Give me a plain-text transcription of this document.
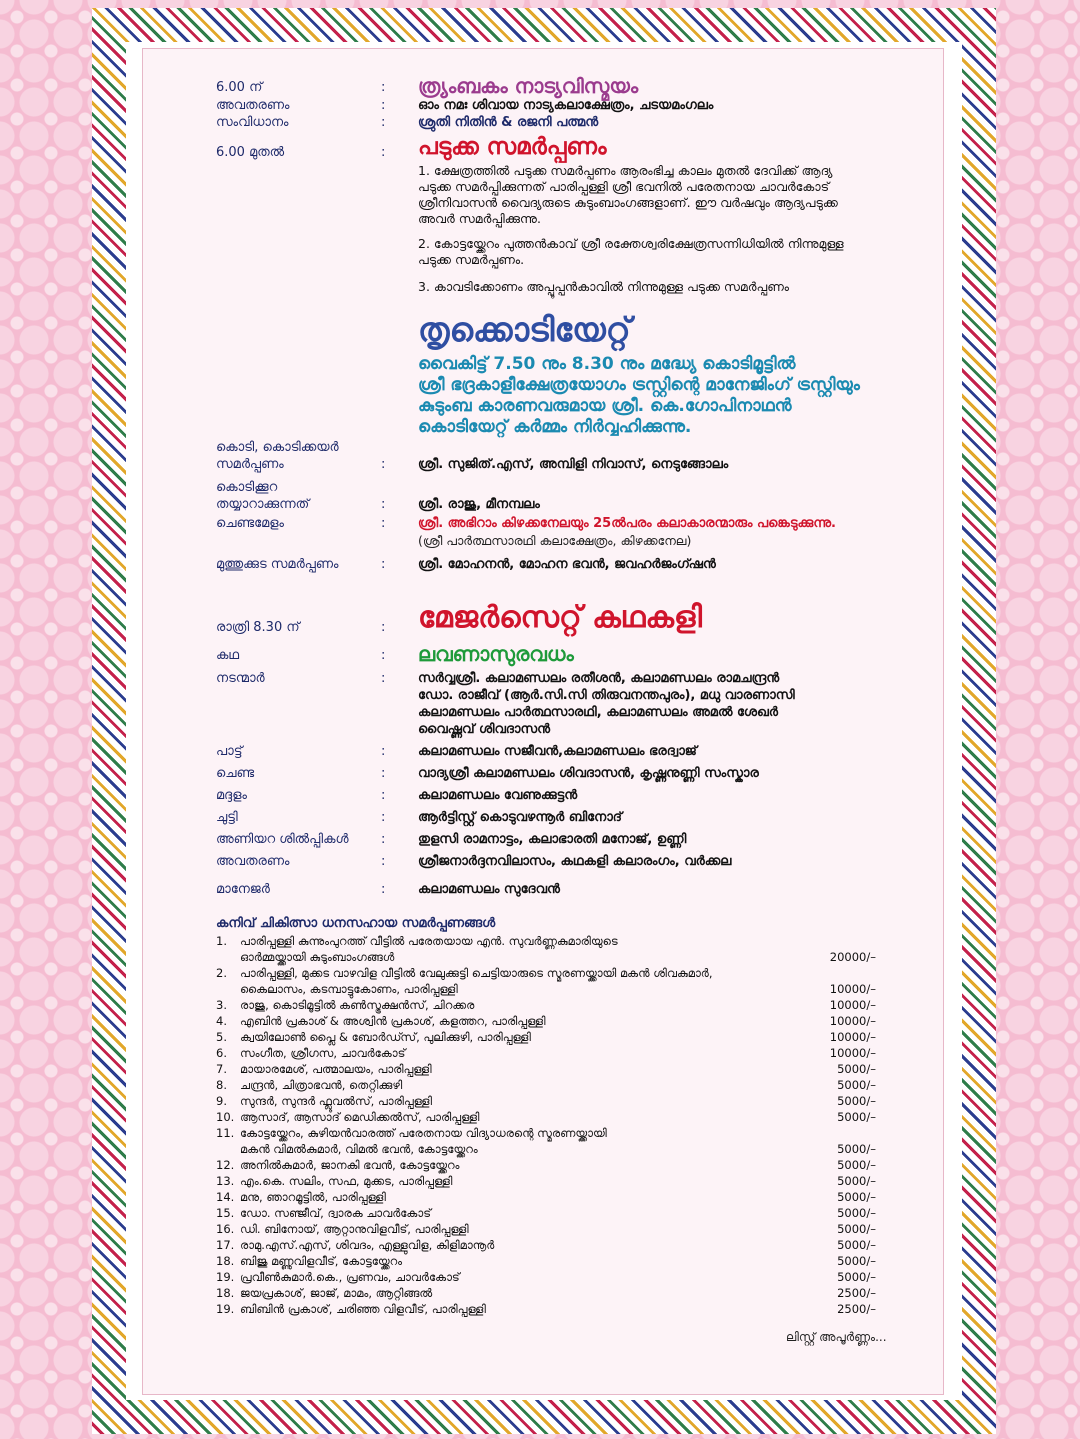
6.00 ന്	: ത്ര്യംബകം നാട്യവിസ്മയം
അവതരണം	:	ഓം നമഃ ശിവായ നാട്യകലാക്ഷേത്രം, ചടയമംഗലം
സംവിധാനം	:	ശ്രുതി നിതിൻ & രജനി പത്മൻ
6.00 മുതൽ	: പടുക്ക സമർപ്പണം
1. ക്ഷേത്രത്തിൽ പടുക്ക സമർപ്പണം ആരംഭിച്ച കാലം മുതൽ ദേവിക്ക് ആദ്യ പടുക്ക സമർപ്പിക്കുന്നത് പാരിപ്പള്ളി ശ്രീ ഭവനിൽ പരേതനായ ചാവർകോട് ശ്രീനിവാസൻ വൈദ്യരുടെ കുടുംബാംഗങ്ങളാണ്. ഈ വർഷവും ആദ്യപടുക്ക അവർ സമർപ്പിക്കുന്നു.
2. കോട്ടയ്ക്കേറം പുത്തൻകാവ് ശ്രീ രക്തേശ്വരിക്ഷേത്രസന്നിധിയിൽ നിന്നുമുള്ള പടുക്ക സമർപ്പണം.
3. കാവടിക്കോണം അപ്പൂപ്പൻകാവിൽ നിന്നുമുള്ള പടുക്ക സമർപ്പണം
തൃക്കൊടിയേറ്റ്
വൈകിട്ട് 7.50 നും 8.30 നും മദ്ധ്യേ കൊടിമൂട്ടിൽ
ശ്രീ ഭദ്രകാളീക്ഷേത്രയോഗം ട്രസ്റ്റിന്റെ മാനേജിംഗ് ട്രസ്റ്റിയും
കുടുംബ കാരണവരുമായ ശ്രീ. കെ.ഗോപിനാഥൻ
കൊടിയേറ്റ് കർമ്മം നിർവ്വഹിക്കുന്നു.
കൊടി, കൊടിക്കയർ
സമർപ്പണം	:	ശ്രീ. സുജിത്.എസ്, അമ്പിളി നിവാസ്, നെടുങ്ങോലം
കൊടിക്കൂറ
തയ്യാറാക്കുന്നത്	:	ശ്രീ. രാജു, മീനമ്പലം
ചെണ്ടമേളം	:	ശ്രീ. അഭിറാം കിഴക്കനേലയും 25ൽപരം കലാകാരന്മാരും പങ്കെടുക്കുന്നു.
(ശ്രീ പാർത്ഥസാരഥി കലാക്ഷേത്രം, കിഴക്കനേല)
മുത്തുക്കുട സമർപ്പണം	:	ശ്രീ. മോഹനൻ, മോഹന ഭവൻ, ജവഹർജംഗ്ഷൻ
രാത്രി 8.30 ന്	: മേജർസെറ്റ് കഥകളി
കഥ	: ലവണാസുരവധം
നടന്മാർ	:	സർവ്വശ്രീ. കലാമണ്ഡലം രതീശൻ, കലാമണ്ഡലം രാമചന്ദ്രൻ
ഡോ. രാജീവ് (ആർ.സി.സി തിരുവനന്തപുരം), മധു വാരണാസി
കലാമണ്ഡലം പാർത്ഥസാരഥി, കലാമണ്ഡലം അമൽ ശേഖർ
വൈഷ്ണവ് ശിവദാസൻ
പാട്ട്	:	കലാമണ്ഡലം സജീവൻ,കലാമണ്ഡലം ഭരദ്വാജ്
ചെണ്ട	:	വാദ്യശ്രീ കലാമണ്ഡലം ശിവദാസൻ, കൃഷ്ണനുണ്ണി സംസ്കാര
മദ്ദളം	:	കലാമണ്ഡലം വേണുക്കുട്ടൻ
ചുട്ടി	:	ആർട്ടിസ്റ്റ് കൊടുവഴന്നൂർ ബിനോദ്
അണിയറ ശിൽപ്പികൾ :	തുളസി രാമനാട്ടം, കലാഭാരതി മനോജ്, ഉണ്ണി
അവതരണം	:	ശ്രീജനാർദ്ദനവിലാസം, കഥകളി കലാരംഗം, വർക്കല
മാനേജർ	:	കലാമണ്ഡലം സുദേവൻ
കനിവ് ചികിത്സാ ധനസഹായ സമർപ്പണങ്ങൾ
1.	പാരിപ്പള്ളി കുന്നുംപുറത്ത് വീട്ടിൽ പരേതയായ എൻ. സുവർണ്ണകുമാരിയുടെ
ഓർമ്മയ്ക്കായി കുടുംബാംഗങ്ങൾ	20000/–
2.	പാരിപ്പള്ളി, മുക്കട വാഴവിള വീട്ടിൽ വേലുക്കുട്ടി ചെട്ടിയാരുടെ സ്മരണയ്ക്കായി മകൻ ശിവകുമാർ,
കൈലാസം, കടമ്പാട്ടുകോണം, പാരിപ്പള്ളി	10000/–
3.	രാജു, കൊടിമൂട്ടിൽ കൺസ്ട്രക്ഷൻസ്, ചിറക്കര	10000/–
4.	എബിൻ പ്രകാശ് & അശ്വിൻ പ്രകാശ്, കളത്തറ, പാരിപ്പള്ളി	10000/–
5.	ക്വയിലോൺ പ്ലൈ & ബോർഡ്സ്, പുലിക്കുഴി, പാരിപ്പള്ളി	10000/–
6.	സംഗീത, ശ്രീഗസ, ചാവർകോട്	10000/–
7.	മായാരമേശ്, പത്മാലയം, പാരിപ്പള്ളി	5000/–
8.	ചന്ദ്രൻ, ചിത്രാഭവൻ, തെറ്റിക്കുഴി	5000/–
9.	സുന്ദർ, സുന്ദർ ഫ്ലൂവൽസ്, പാരിപ്പള്ളി	5000/–
10. ആസാദ്, ആസാദ് മെഡിക്കൽസ്, പാരിപ്പള്ളി	5000/–
11. കോട്ടയ്ക്കേറം, കുഴിയൻവാരത്ത് പരേതനായ വിദ്യാധരന്റെ സ്മരണയ്ക്കായി
മകൻ വിമൽകുമാർ, വിമൽ ഭവൻ, കോട്ടയ്ക്കേറം	5000/–
12. അനിൽകുമാർ, ജാനകി ഭവൻ, കോട്ടയ്ക്കേറം	5000/–
13. എം.കെ. സലിം, സഫ, മുക്കട, പാരിപ്പള്ളി	5000/–
14. മനു, ഞാറമൂട്ടിൽ, പാരിപ്പള്ളി	5000/–
15. ഡോ. സഞ്ജീവ്, ദ്വാരക ചാവർകോട്	5000/–
16. ഡി. ബിനോയ്, ആറ്റാനുവിളവീട്, പാരിപ്പള്ളി	5000/–
17. രാമു.എസ്.എസ്, ശിവദം, എള്ളുവിള, കിളിമാനൂർ	5000/–
18. ബിജു മണ്ണുവിളവീട്, കോട്ടയ്ക്കേറം	5000/–
19. പ്രവീൺകുമാർ.കെ., പ്രണവം, ചാവർകോട്	5000/–
18. ജയപ്രകാശ്, ജാജ്, മാമം, ആറ്റിങ്ങൽ	2500/–
19. ബിബിൻ പ്രകാശ്, ചരിഞ്ഞ വിളവീട്, പാരിപ്പള്ളി	2500/–
ലിസ്റ്റ് അപൂർണ്ണം...
